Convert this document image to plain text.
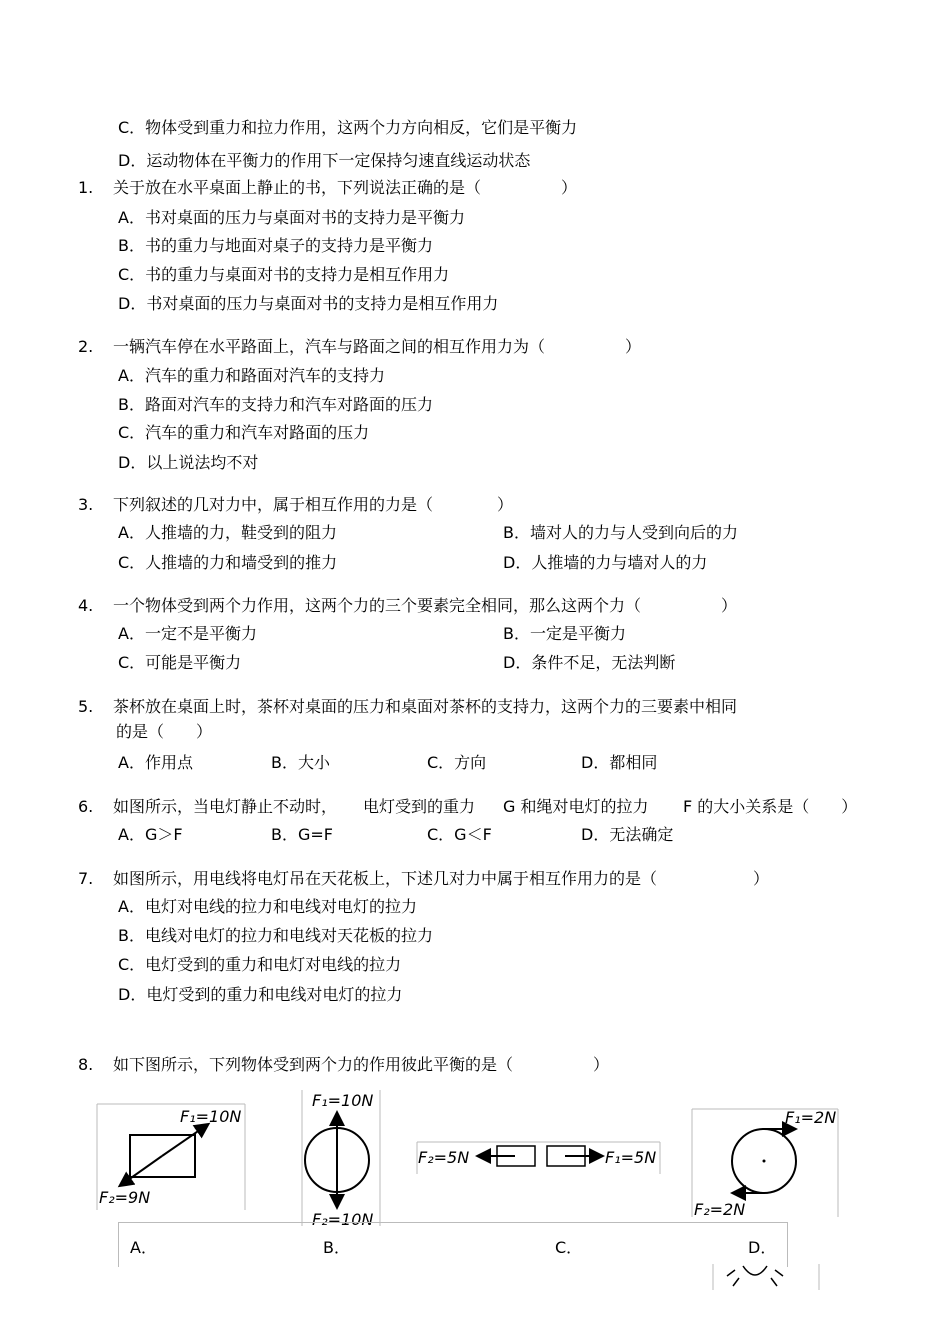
C．物体受到重力和拉力作用，这两个力方向相反，它们是平衡力
D．运动物体在平衡力的作用下一定保持匀速直线运动状态
1.	关于放在水平桌面上静止的书，下列说法正确的是（　　　　　）
A．书对桌面的压力与桌面对书的支持力是平衡力
B．书的重力与地面对桌子的支持力是平衡力
C．书的重力与桌面对书的支持力是相互作用力
D．书对桌面的压力与桌面对书的支持力是相互作用力
2.	一辆汽车停在水平路面上，汽车与路面之间的相互作用力为（　　　　　）
A．汽车的重力和路面对汽车的支持力
B．路面对汽车的支持力和汽车对路面的压力
C．汽车的重力和汽车对路面的压力
D．以上说法均不对
3.	下列叙述的几对力中，属于相互作用的力是（　　　　）
A．人推墙的力，鞋受到的阻力	B．墙对人的力与人受到向后的力
C．人推墙的力和墙受到的推力	D．人推墙的力与墙对人的力
4.	一个物体受到两个力作用，这两个力的三个要素完全相同，那么这两个力（　　　　　）
A．一定不是平衡力	B．一定是平衡力
C．可能是平衡力	D．条件不足，无法判断
5.	茶杯放在桌面上时，茶杯对桌面的压力和桌面对茶杯的支持力，这两个力的三要素中相同
的是（　　）
A．作用点	B．大小	C．方向	D．都相同
6.	如图所示，当电灯静止不动时， 电灯受到的重力 G 和绳对电灯的拉力 F 的大小关系是（　　）
A．G＞F	B．G=F	C．G＜F	D．无法确定
7.	如图所示，用电线将电灯吊在天花板上，下述几对力中属于相互作用力的是（　　　　　　）
A．电灯对电线的拉力和电线对电灯的拉力
B．电线对电灯的拉力和电线对天花板的拉力
C．电灯受到的重力和电灯对电线的拉力
D．电灯受到的重力和电线对电灯的拉力
8.	如下图所示，下列物体受到两个力的作用彼此平衡的是（　　　　　）
F₁=10N
F₂=9N
F₁=10N
F₂=10N
F₂=5N	F₁=5N
F₁=2N
F₂=2N
A．	B．	C．	D．
